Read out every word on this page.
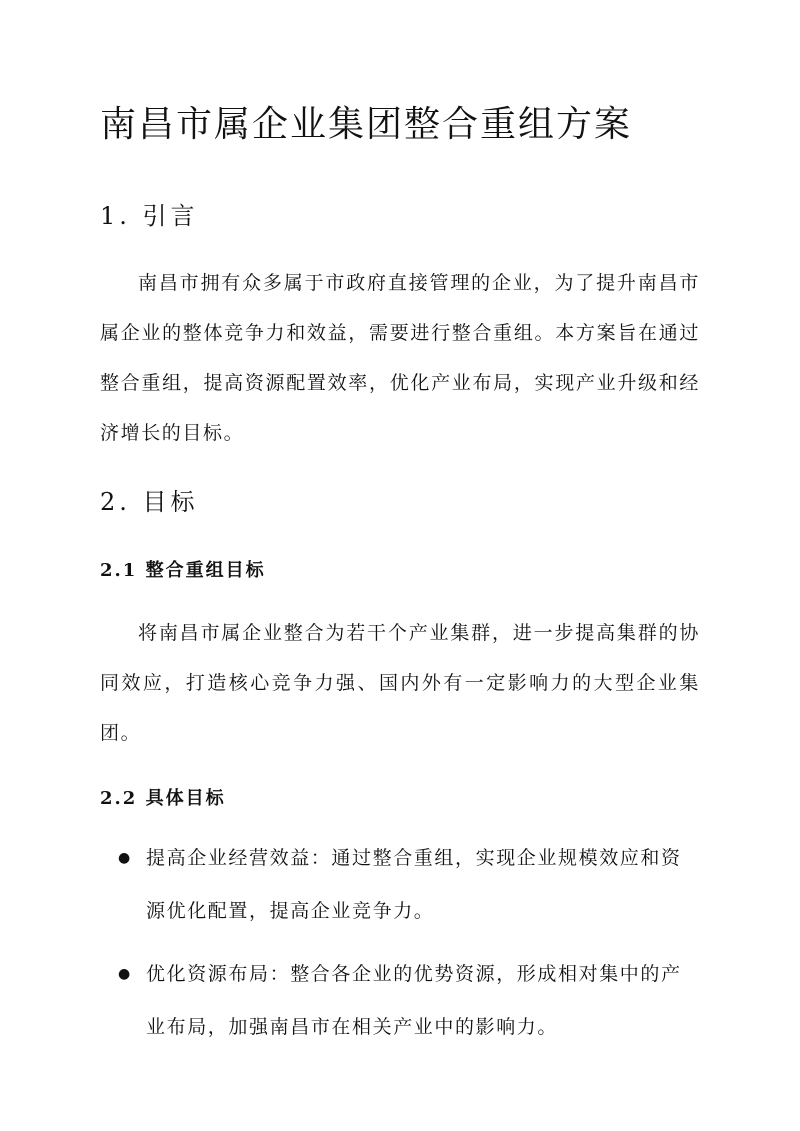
南昌市属企业集团整合重组方案
1. 引言

南昌市拥有众多属于市政府直接管理的企业，为了提升南昌市属企业的整体竞争力和效益，需要进行整合重组。本方案旨在通过整合重组，提高资源配置效率，优化产业布局，实现产业升级和经济增长的目标。

2. 目标
2.1 整合重组目标

将南昌市属企业整合为若干个产业集群，进一步提高集群的协同效应，打造核心竞争力强、国内外有一定影响力的大型企业集团。

2.2 具体目标
● 提高企业经营效益：通过整合重组，实现企业规模效应和资源优化配置，提高企业竞争力。
● 优化资源布局：整合各企业的优势资源，形成相对集中的产业布局，加强南昌市在相关产业中的影响力。
